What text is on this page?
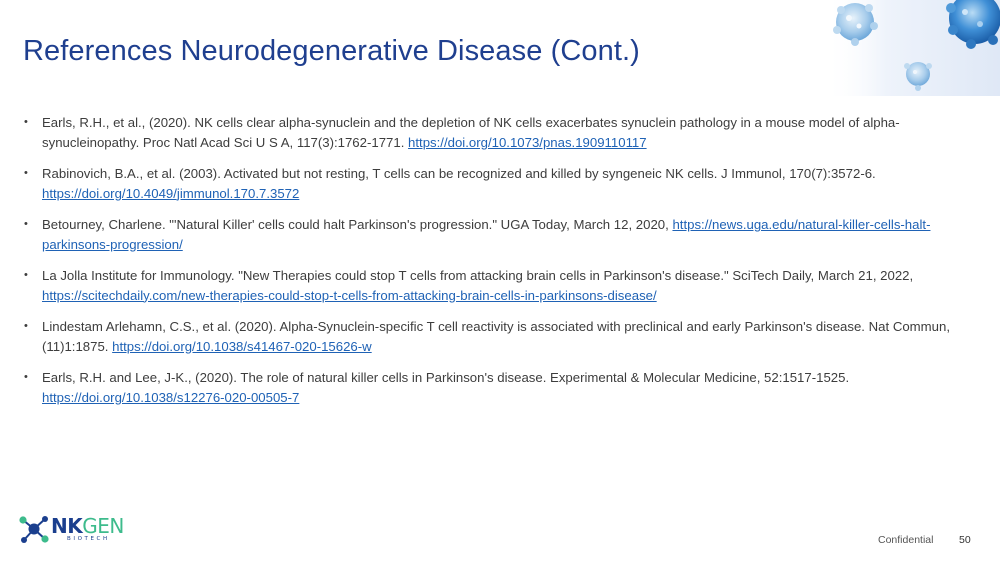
References Neurodegenerative Disease (Cont.)
• Earls, R.H., et al., (2020). NK cells clear alpha-synuclein and the depletion of NK cells exacerbates synuclein pathology in a mouse model of alpha-synucleinopathy. Proc Natl Acad Sci U S A, 117(3):1762-1771. https://doi.org/10.1073/pnas.1909110117
• Rabinovich, B.A., et al. (2003). Activated but not resting, T cells can be recognized and killed by syngeneic NK cells. J Immunol, 170(7):3572-6. https://doi.org/10.4049/jimmunol.170.7.3572
• Betourney, Charlene. "'Natural Killer' cells could halt Parkinson's progression." UGA Today, March 12, 2020, https://news.uga.edu/natural-killer-cells-halt-parkinsons-progression/
• La Jolla Institute for Immunology. "New Therapies could stop T cells from attacking brain cells in Parkinson's disease." SciTech Daily, March 21, 2022, https://scitechdaily.com/new-therapies-could-stop-t-cells-from-attacking-brain-cells-in-parkinsons-disease/
• Lindestam Arlehamn, C.S., et al. (2020). Alpha-Synuclein-specific T cell reactivity is associated with preclinical and early Parkinson's disease. Nat Commun, (11)1:1875. https://doi.org/10.1038/s41467-020-15626-w
• Earls, R.H. and Lee, J-K., (2020). The role of natural killer cells in Parkinson's disease. Experimental & Molecular Medicine, 52:1517-1525. https://doi.org/10.1038/s12276-020-00505-7
NKGEN
BIOTECH	Confidential 50
